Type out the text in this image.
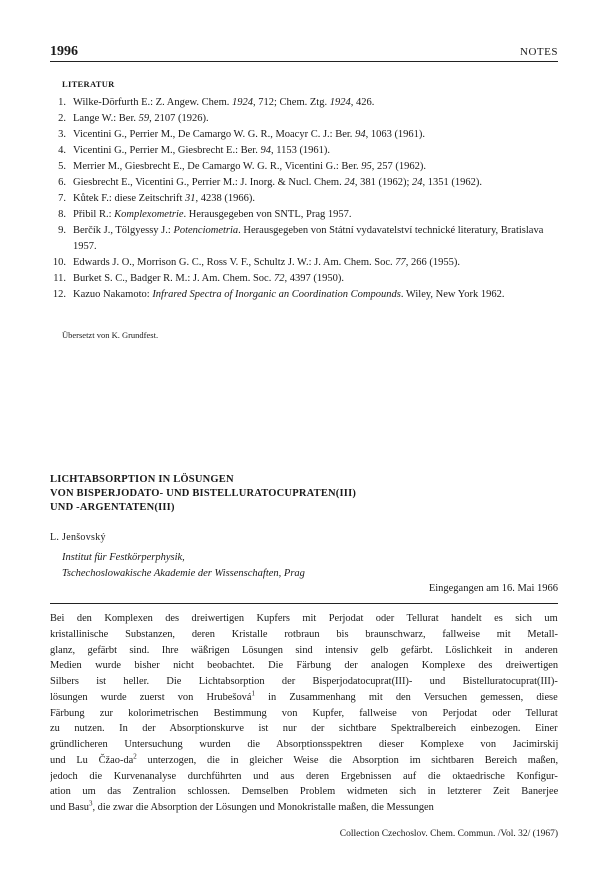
1996	NOTES
LITERATUR
1. Wilke-Dörfurth E.: Z. Angew. Chem. 1924, 712; Chem. Ztg. 1924, 426.
2. Lange W.: Ber. 59, 2107 (1926).
3. Vicentini G., Perrier M., De Camargo W. G. R., Moacyr C. J.: Ber. 94, 1063 (1961).
4. Vicentini G., Perrier M., Giesbrecht E.: Ber. 94, 1153 (1961).
5. Merrier M., Giesbrecht E., De Camargo W. G. R., Vicentini G.: Ber. 95, 257 (1962).
6. Giesbrecht E., Vicentini G., Perrier M.: J. Inorg. & Nucl. Chem. 24, 381 (1962); 24, 1351 (1962).
7. Kůtek F.: diese Zeitschrift 31, 4238 (1966).
8. Přibil R.: Komplexometrie. Herausgegeben von SNTL, Prag 1957.
9. Berčík J., Tölgyessy J.: Potenciometria. Herausgegeben von Státní vydavatelství technické literatury, Bratislava 1957.
10. Edwards J. O., Morrison G. C., Ross V. F., Schultz J. W.: J. Am. Chem. Soc. 77, 266 (1955).
11. Burket S. C., Badger R. M.: J. Am. Chem. Soc. 72, 4397 (1950).
12. Kazuo Nakamoto: Infrared Spectra of Inorganic an Coordination Compounds. Wiley, New York 1962.
Übersetzt von K. Grundfest.
LICHTABSORPTION IN LÖSUNGEN
VON BISPERJODATO- UND BISTELLURATOCUPRATEN(III)
UND -ARGENTATEN(III)
L. Jenšovský
Institut für Festkörperphysik,
Tschechoslowakische Akademie der Wissenschaften, Prag
Eingegangen am 16. Mai 1966
Bei den Komplexen des dreiwertigen Kupfers mit Perjodat oder Tellurat handelt es sich um
kristallinische Substanzen, deren Kristalle rotbraun bis braunschwarz, fallweise mit Metall-
glanz, gefärbt sind. Ihre wäßrigen Lösungen sind intensiv gelb gefärbt. Löslichkeit in anderen
Medien wurde bisher nicht beobachtet. Die Färbung der analogen Komplexe des dreiwertigen
Silbers ist heller. Die Lichtabsorption der Bisperjodatocuprat(III)- und Bistelluratocuprat(III)-
lösungen wurde zuerst von Hrubešová$^1$ in Zusammenhang mit den Versuchen gemessen, diese
Färbung zur kolorimetrischen Bestimmung von Kupfer, fallweise von Perjodat oder Tellurat
zu nutzen. In der Absorptionskurve ist nur der sichtbare Spektralbereich einbezogen. Einer
gründlicheren Untersuchung wurden die Absorptionsspektren dieser Komplexe von Jacimirskij
und Lu Čžao-$da^2$ unterzogen, die in gleicher Weise die Absorption im sichtbaren Bereich maßen,
jedoch die Kurvenanalyse durchführten und aus deren Ergebnissen auf die oktaedrische Konfigur-
ation um das Zentralion schlossen. Demselben Problem widmeten sich in letzterer Zeit Banerjee
und Basu$^3$, die zwar die Absorption der Lösungen und Monokristalle maßen, die Messungen
Collection Czechoslov. Chem. Commun. /Vol. 32/ (1967)
